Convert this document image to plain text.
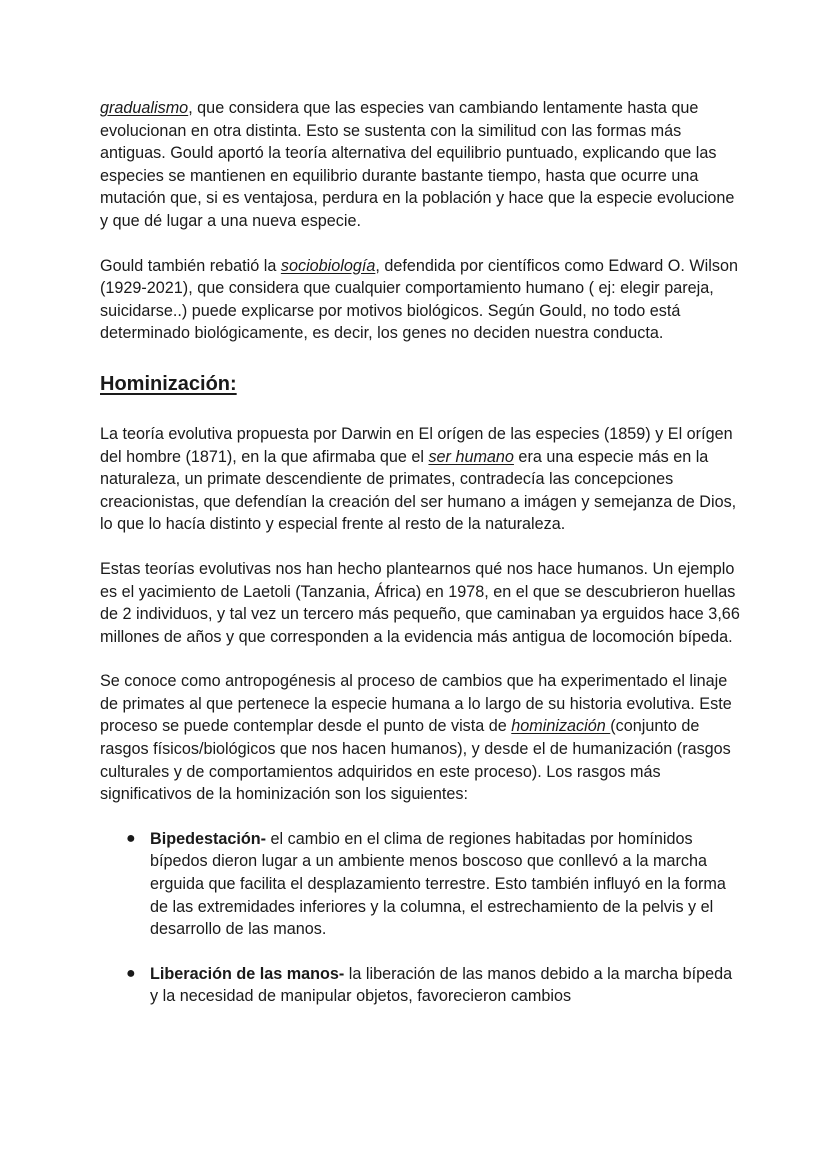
gradualismo, que considera que las especies van cambiando lentamente hasta que evolucionan en otra distinta. Esto se sustenta con la similitud con las formas más antiguas. Gould aportó la teoría alternativa del equilibrio puntuado, explicando que las especies se mantienen en equilibrio durante bastante tiempo, hasta que ocurre una mutación que, si es ventajosa, perdura en la población y hace que la especie evolucione y que dé lugar a una nueva especie.

Gould también rebatió la sociobiología, defendida por científicos como Edward O. Wilson (1929-2021), que considera que cualquier comportamiento humano ( ej: elegir pareja, suicidarse..) puede explicarse por motivos biológicos. Según Gould, no todo está determinado biológicamente, es decir, los genes no deciden nuestra conducta.

Hominización:

La teoría evolutiva propuesta por Darwin en El orígen de las especies (1859) y El orígen del hombre (1871), en la que afirmaba que el ser humano era una especie más en la naturaleza, un primate descendiente de primates, contradecía las concepciones creacionistas, que defendían la creación del ser humano a imágen y semejanza de Dios, lo que lo hacía distinto y especial frente al resto de la naturaleza.

Estas teorías evolutivas nos han hecho plantearnos qué nos hace humanos. Un ejemplo es el yacimiento de Laetoli (Tanzania, África) en 1978, en el que se descubrieron huellas de 2 individuos, y tal vez un tercero más pequeño, que caminaban ya erguidos hace 3,66 millones de años y que corresponden a la evidencia más antigua de locomoción bípeda.

Se conoce como antropogénesis al proceso de cambios que ha experimentado el linaje de primates al que pertenece la especie humana a lo largo de su historia evolutiva. Este proceso se puede contemplar desde el punto de vista de hominización (conjunto de rasgos físicos/biológicos que nos hacen humanos), y desde el de humanización (rasgos culturales y de comportamientos adquiridos en este proceso). Los rasgos más significativos de la hominización son los siguientes:

● Bipedestación- el cambio en el clima de regiones habitadas por homínidos bípedos dieron lugar a un ambiente menos boscoso que conllevó a la marcha erguida que facilita el desplazamiento terrestre. Esto también influyó en la forma de las extremidades inferiores y la columna, el estrechamiento de la pelvis y el desarrollo de las manos.
● Liberación de las manos- la liberación de las manos debido a la marcha bípeda y la necesidad de manipular objetos, favorecieron cambios
